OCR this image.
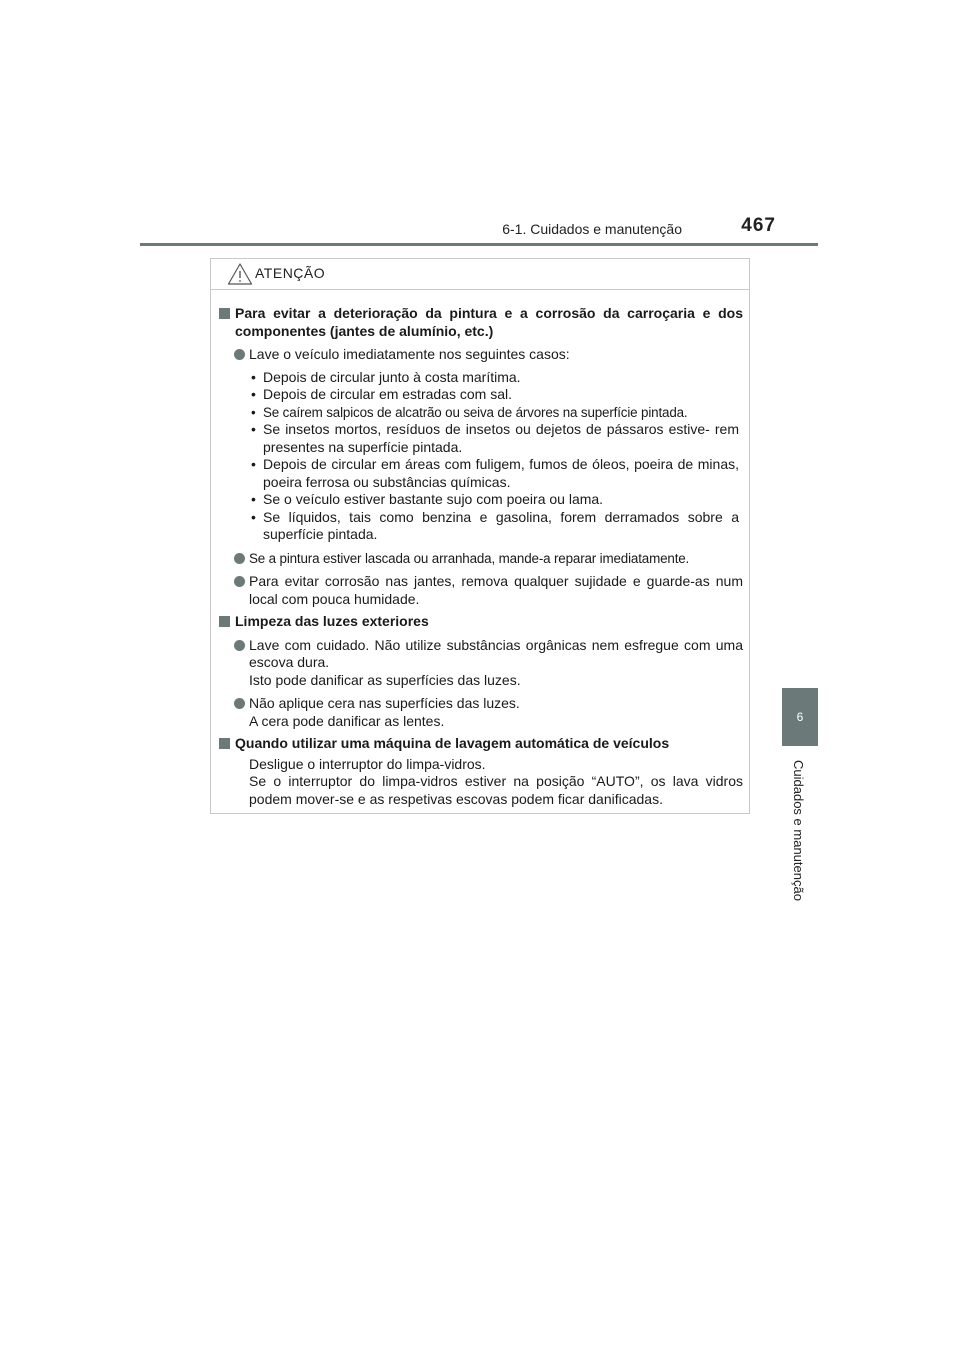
6-1. Cuidados e manutenção	467
6
Cuidados e manutenção
ATENÇÃO
Para evitar a deterioração da pintura e a corrosão da carroçaria e dos componentes (jantes de alumínio, etc.)
Lave o veículo imediatamente nos seguintes casos:
• Depois de circular junto à costa marítima.
• Depois de circular em estradas com sal.
• Se caírem salpicos de alcatrão ou seiva de árvores na superfície pintada.
• Se insetos mortos, resíduos de insetos ou dejetos de pássaros estive- rem presentes na superfície pintada.
• Depois de circular em áreas com fuligem, fumos de óleos, poeira de minas, poeira ferrosa ou substâncias químicas.
• Se o veículo estiver bastante sujo com poeira ou lama.
• Se líquidos, tais como benzina e gasolina, forem derramados sobre a superfície pintada.
Se a pintura estiver lascada ou arranhada, mande-a reparar imediatamente.
Para evitar corrosão nas jantes, remova qualquer sujidade e guarde-as num local com pouca humidade.
Limpeza das luzes exteriores
Lave com cuidado. Não utilize substâncias orgânicas nem esfregue com uma escova dura.
Isto pode danificar as superfícies das luzes.
Não aplique cera nas superfícies das luzes.
A cera pode danificar as lentes.
Quando utilizar uma máquina de lavagem automática de veículos
Desligue o interruptor do limpa-vidros.
Se o interruptor do limpa-vidros estiver na posição “AUTO”, os lava vidros podem mover-se e as respetivas escovas podem ficar danificadas.
